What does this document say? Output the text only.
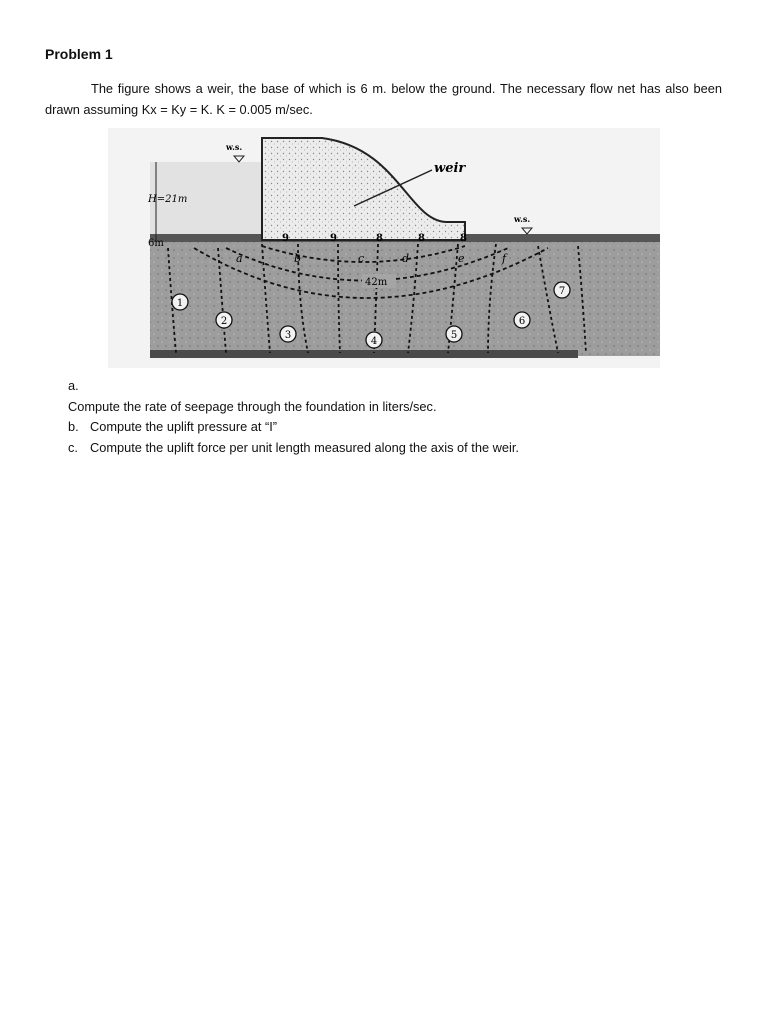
Problem 1
The figure shows a weir, the base of which is 6 m. below the ground. The necessary flow net has also been drawn assuming Kx = Ky = K. K = 0.005 m/sec.
weir
w.s.
w.s.
H=21m
6m	9	9	8	8	8
a	b	c	d	e	f
42m
1
2
3
4
5
6
7
a.
Compute the rate of seepage through the foundation in liters/sec.
b. Compute the uplift pressure at “I”
c. Compute the uplift force per unit length measured along the axis of the weir.
